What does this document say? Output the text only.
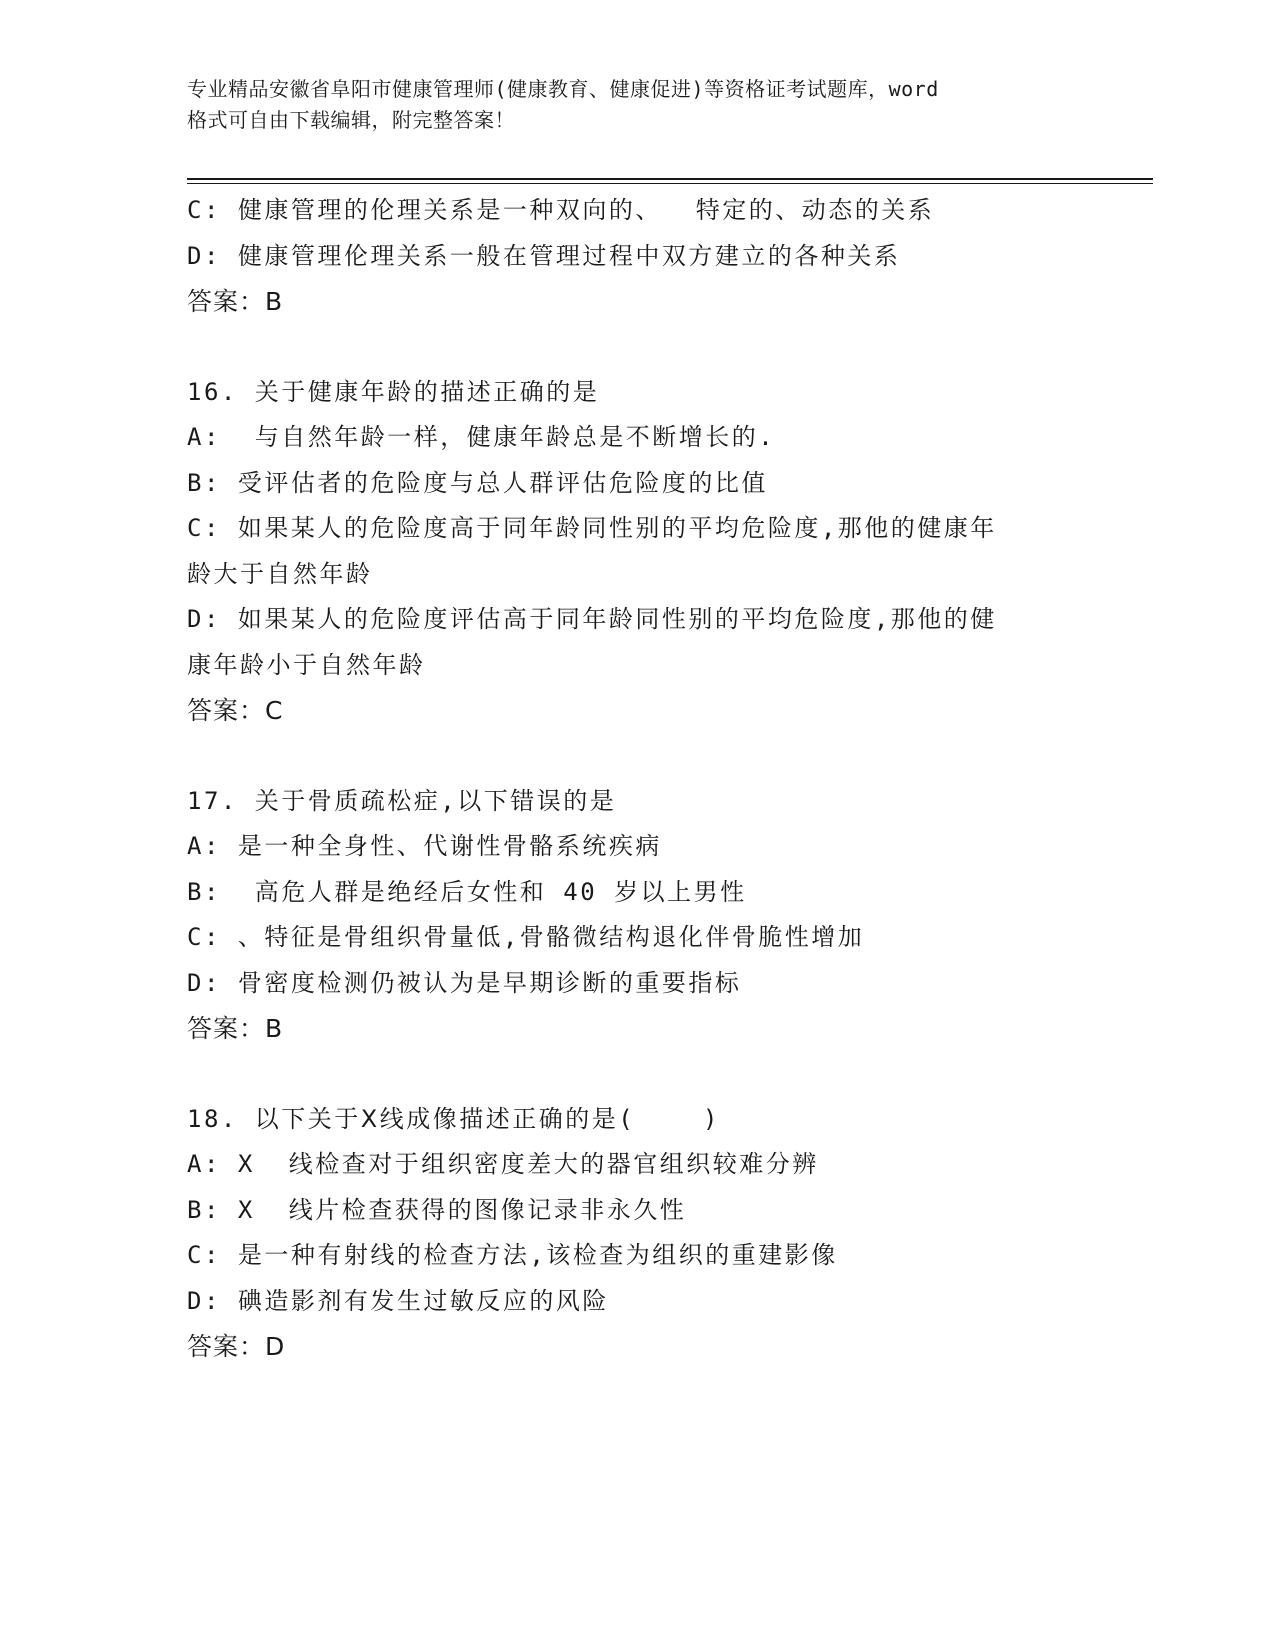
专业精品安徽省阜阳市健康管理师(健康教育、健康促进)等资格证考试题库，word
格式可自由下载编辑，附完整答案！
C: 健康管理的伦理关系是一种双向的、  特定的、动态的关系
D: 健康管理伦理关系一般在管理过程中双方建立的各种关系
答案：B
16. 关于健康年龄的描述正确的是
A:  与自然年龄一样，健康年龄总是不断增长的.
B: 受评估者的危险度与总人群评估危险度的比值
C: 如果某人的危险度高于同年龄同性别的平均危险度,那他的健康年
龄大于自然年龄
D: 如果某人的危险度评估高于同年龄同性别的平均危险度,那他的健
康年龄小于自然年龄
答案：C
17. 关于骨质疏松症,以下错误的是
A: 是一种全身性、代谢性骨骼系统疾病
B:  高危人群是绝经后女性和 40 岁以上男性
C: 、特征是骨组织骨量低,骨骼微结构退化伴骨脆性增加
D: 骨密度检测仍被认为是早期诊断的重要指标
答案：B
18. 以下关于Ⅹ线成像描述正确的是(    )
A: X  线检查对于组织密度差大的器官组织较难分辨
B: X  线片检查获得的图像记录非永久性
C: 是一种有射线的检查方法,该检查为组织的重建影像
D: 碘造影剂有发生过敏反应的风险
答案：D
